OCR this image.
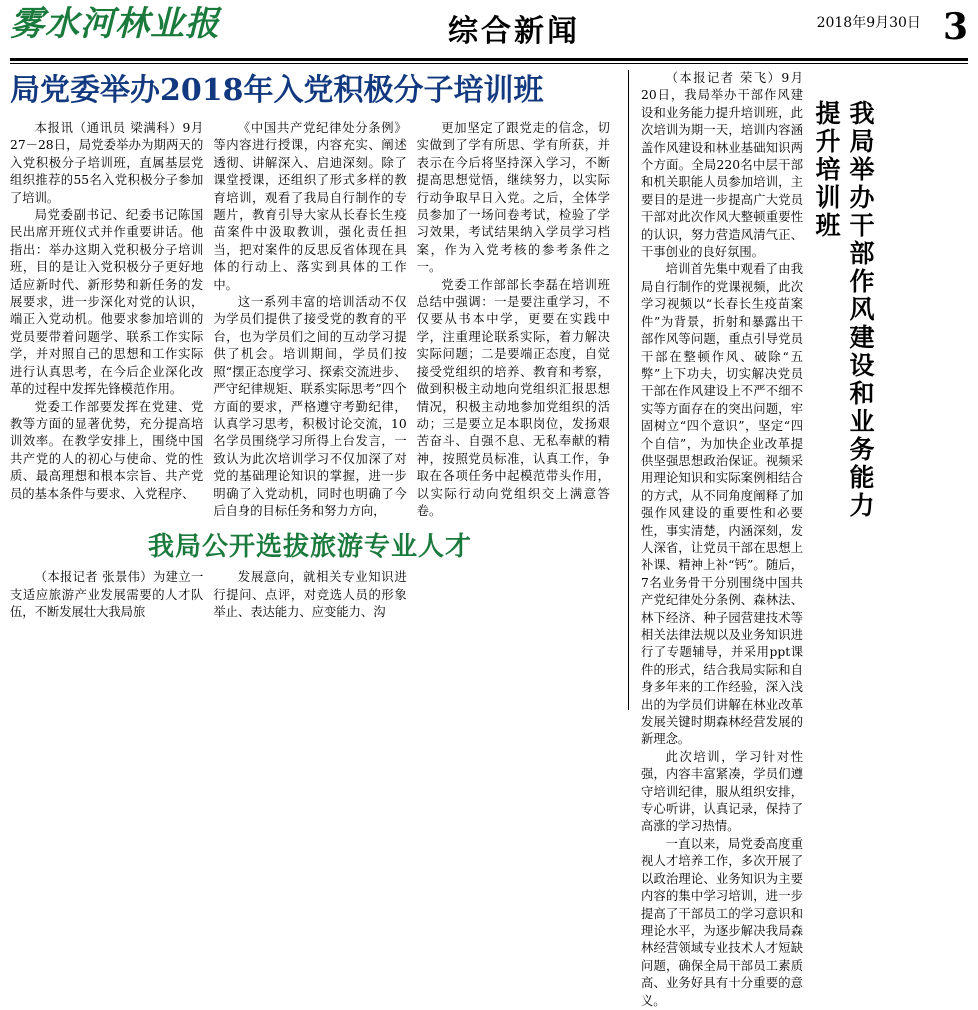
雾水河林业报	综合新闻	2018年9月30日 3
局党委举办2018年入党积极分子培训班

本报讯（通讯员 梁满科）9月27－28日，局党委举办为期两天的入党积极分子培训班，直属基层党组织推荐的55名入党积极分子参加了培训。

局党委副书记、纪委书记陈国民出席开班仪式并作重要讲话。他指出：举办这期入党积极分子培训班，目的是让入党积极分子更好地适应新时代、新形势和新任务的发展要求，进一步深化对党的认识，端正入党动机。他要求参加培训的党员要带着问题学、联系工作实际学，并对照自己的思想和工作实际进行认真思考，在今后企业深化改革的过程中发挥先锋模范作用。

党委工作部要发挥在党建、党教等方面的显著优势，充分提高培训效率。在教学安排上，围绕中国共产党的人的初心与使命、党的性质、最高理想和根本宗旨、共产党员的基本条件与要求、入党程序、

《中国共产党纪律处分条例》等内容进行授课，内容充实、阐述透彻、讲解深入、启迪深刻。除了课堂授课，还组织了形式多样的教育培训，观看了我局自行制作的专题片，教育引导大家从长春长生疫苗案件中汲取教训，强化责任担当，把对案件的反思反省体现在具体的行动上、落实到具体的工作中。

这一系列丰富的培训活动不仅为学员们提供了接受党的教育的平台，也为学员们之间的互动学习提供了机会。培训期间，学员们按照“摆正态度学习、探索交流进步、严守纪律规矩、联系实际思考”四个方面的要求，严格遵守考勤纪律，认真学习思考，积极讨论交流，10名学员围绕学习所得上台发言，一致认为此次培训学习不仅加深了对党的基础理论知识的掌握，进一步明确了入党动机，同时也明确了今后自身的目标任务和努力方向，

更加坚定了跟党走的信念，切实做到了学有所思、学有所获，并表示在今后将坚持深入学习，不断提高思想觉悟，继续努力，以实际行动争取早日入党。之后，全体学员参加了一场问卷考试，检验了学习效果，考试结果纳入学员学习档案，作为入党考核的参考条件之一。

党委工作部部长李磊在培训班总结中强调：一是要注重学习，不仅要从书本中学，更要在实践中学，注重理论联系实际，着力解决实际问题；二是要端正态度，自觉接受党组织的培养、教育和考察，做到积极主动地向党组织汇报思想情况，积极主动地参加党组织的活动；三是要立足本职岗位，发扬艰苦奋斗、自强不息、无私奉献的精神，按照党员标准，认真工作，争取在各项任务中起模范带头作用，以实际行动向党组织交上满意答卷。

我局公开选拔旅游专业人才

（本报记者 张景伟）为建立一支适应旅游产业发展需要的人才队伍，不断发展壮大我局旅

发展意向，就相关专业知识进行提问、点评，对竞选人员的形象举止、表达能力、应变能力、沟

我局举办干部作风建设和业务能力提升培训班

（本报记者 荣飞）9月20日，我局举办干部作风建设和业务能力提升培训班，此次培训为期一天，培训内容涵盖作风建设和林业基础知识两个方面。全局220名中层干部和机关职能人员参加培训，主要目的是进一步提高广大党员干部对此次作风大整顿重要性的认识，努力营造风清气正、干事创业的良好氛围。

培训首先集中观看了由我局自行制作的党课视频，此次学习视频以“长春长生疫苗案件”为背景，折射和暴露出干部作风等问题，重点引导党员干部在整顿作风、破除“五弊”上下功夫，切实解决党员干部在作风建设上不严不细不实等方面存在的突出问题，牢固树立“四个意识”，坚定“四个自信”，为加快企业改革提供坚强思想政治保证。视频采用理论知识和实际案例相结合的方式，从不同角度阐释了加强作风建设的重要性和必要性，事实清楚，内涵深刻，发人深省，让党员干部在思想上补课、精神上补“钙”。随后，7名业务骨干分别围绕中国共产党纪律处分条例、森林法、林下经济、种子园营建技术等相关法律法规以及业务知识进行了专题辅导，并采用ppt课件的形式，结合我局实际和自身多年来的工作经验，深入浅出的为学员们讲解在林业改革发展关键时期森林经营发展的新理念。

此次培训，学习针对性强，内容丰富紧凑，学员们遵守培训纪律，服从组织安排，专心听讲，认真记录，保持了高涨的学习热情。

一直以来，局党委高度重视人才培养工作，多次开展了以政治理论、业务知识为主要内容的集中学习培训，进一步提高了干部员工的学习意识和理论水平，为逐步解决我局森林经营领域专业技术人才短缺问题，确保全局干部员工素质高、业务好具有十分重要的意义。
